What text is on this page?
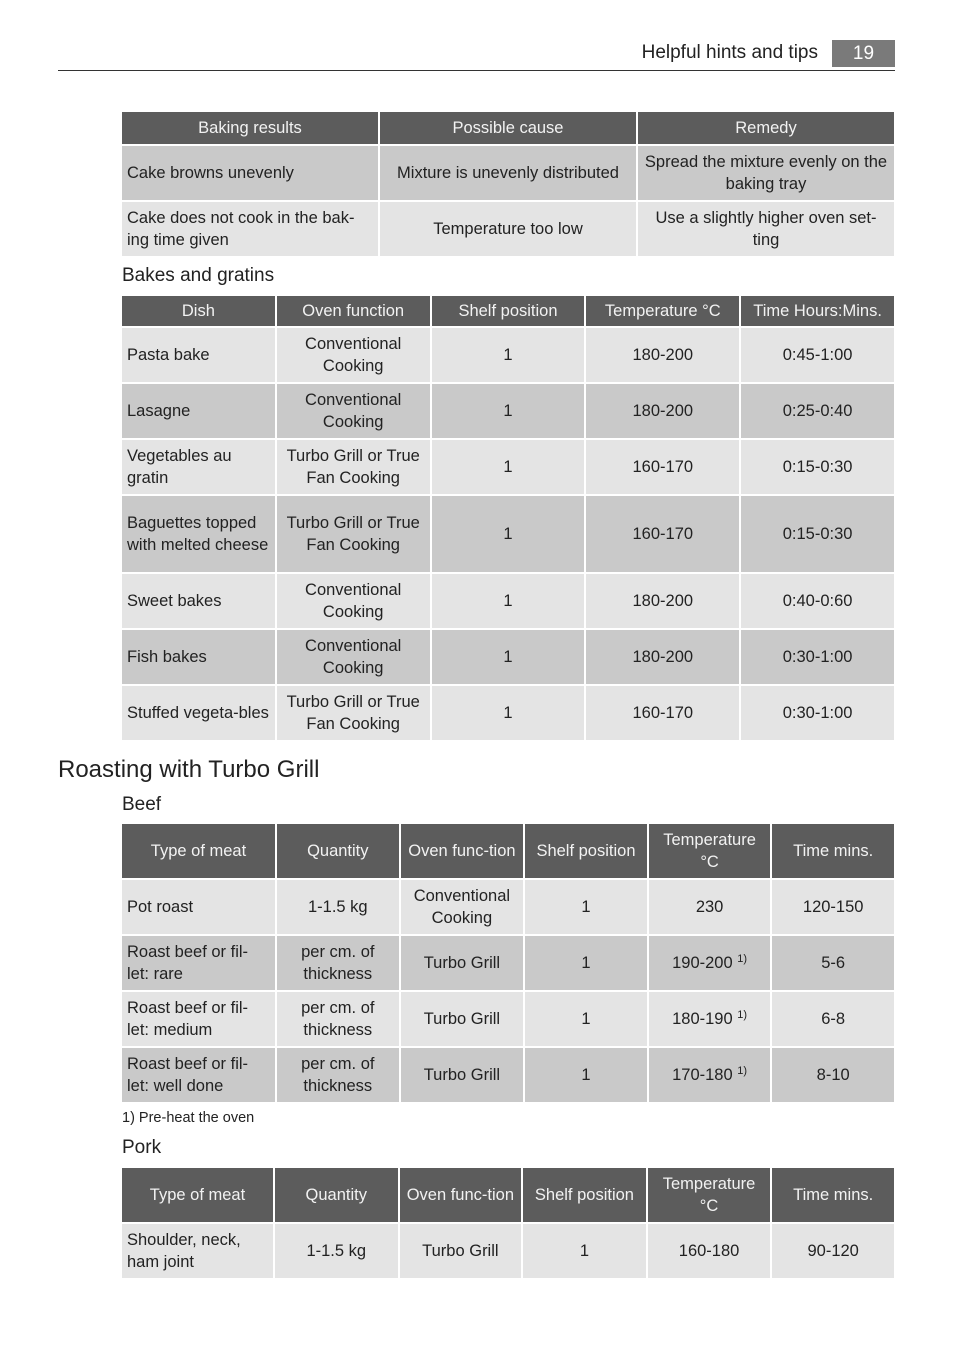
Helpful hints and tips	19
Baking results	Possible cause	Remedy
Cake browns unevenly	Mixture is unevenly distributed	Spread the mixture evenly on the baking tray
Cake does not cook in the bak-ing time given	Temperature too low	Use a slightly higher oven set-ting
Bakes and gratins
Dish	Oven function	Shelf position	Temperature °C	Time Hours:Mins.
Pasta bake	Conventional Cooking	1	180-200	0:45-1:00
Lasagne	Conventional Cooking	1	180-200	0:25-0:40
Vegetables au gratin	Turbo Grill or True Fan Cooking	1	160-170	0:15-0:30
Baguettes topped with melted cheese	Turbo Grill or True Fan Cooking	1	160-170	0:15-0:30
Sweet bakes	Conventional Cooking	1	180-200	0:40-0:60
Fish bakes	Conventional Cooking	1	180-200	0:30-1:00
Stuffed vegeta-bles	Turbo Grill or True Fan Cooking	1	160-170	0:30-1:00
Roasting with Turbo Grill
Beef
Type of meat	Quantity	Oven func-tion	Shelf position	Temperature °C	Time mins.
Pot roast	1-1.5 kg	Conventional Cooking	1	230	120-150
Roast beef or fil-let: rare	per cm. of thickness	Turbo Grill	1	190-200 $^{1)}$	5-6
Roast beef or fil-let: medium	per cm. of thickness	Turbo Grill	1	180-190 $^{1)}$	6-8
Roast beef or fil-let: well done	per cm. of thickness	Turbo Grill	1	170-180 $^{1)}$	8-10
1) Pre-heat the oven
Pork
Type of meat	Quantity	Oven func-tion	Shelf position	Temperature °C	Time mins.
Shoulder, neck, ham joint	1-1.5 kg	Turbo Grill	1	160-180	90-120
